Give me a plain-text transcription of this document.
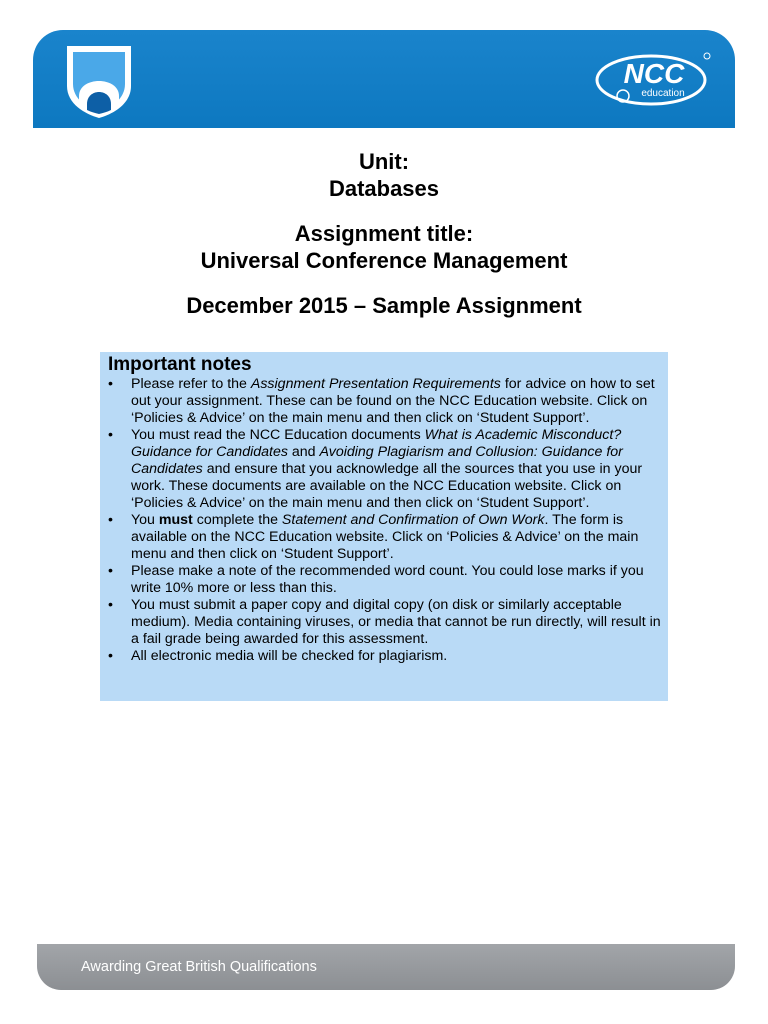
NCC
education

Unit:

Databases

Assignment title:

Universal Conference Management

December 2015 – Sample Assignment

Important notes
• Please refer to the Assignment Presentation Requirements for advice on how to set out your assignment. These can be found on the NCC Education website. Click on ‘Policies & Advice’ on the main menu and then click on ‘Student Support’.
• You must read the NCC Education documents What is Academic Misconduct? Guidance for Candidates and Avoiding Plagiarism and Collusion: Guidance for Candidates and ensure that you acknowledge all the sources that you use in your work. These documents are available on the NCC Education website. Click on ‘Policies & Advice’ on the main menu and then click on ‘Student Support’.
• You must complete the Statement and Confirmation of Own Work. The form is available on the NCC Education website. Click on ‘Policies & Advice’ on the main menu and then click on ‘Student Support’.
• Please make a note of the recommended word count. You could lose marks if you write 10% more or less than this.
• You must submit a paper copy and digital copy (on disk or similarly acceptable medium). Media containing viruses, or media that cannot be run directly, will result in a fail grade being awarded for this assessment.
• All electronic media will be checked for plagiarism.
Awarding Great British Qualifications
